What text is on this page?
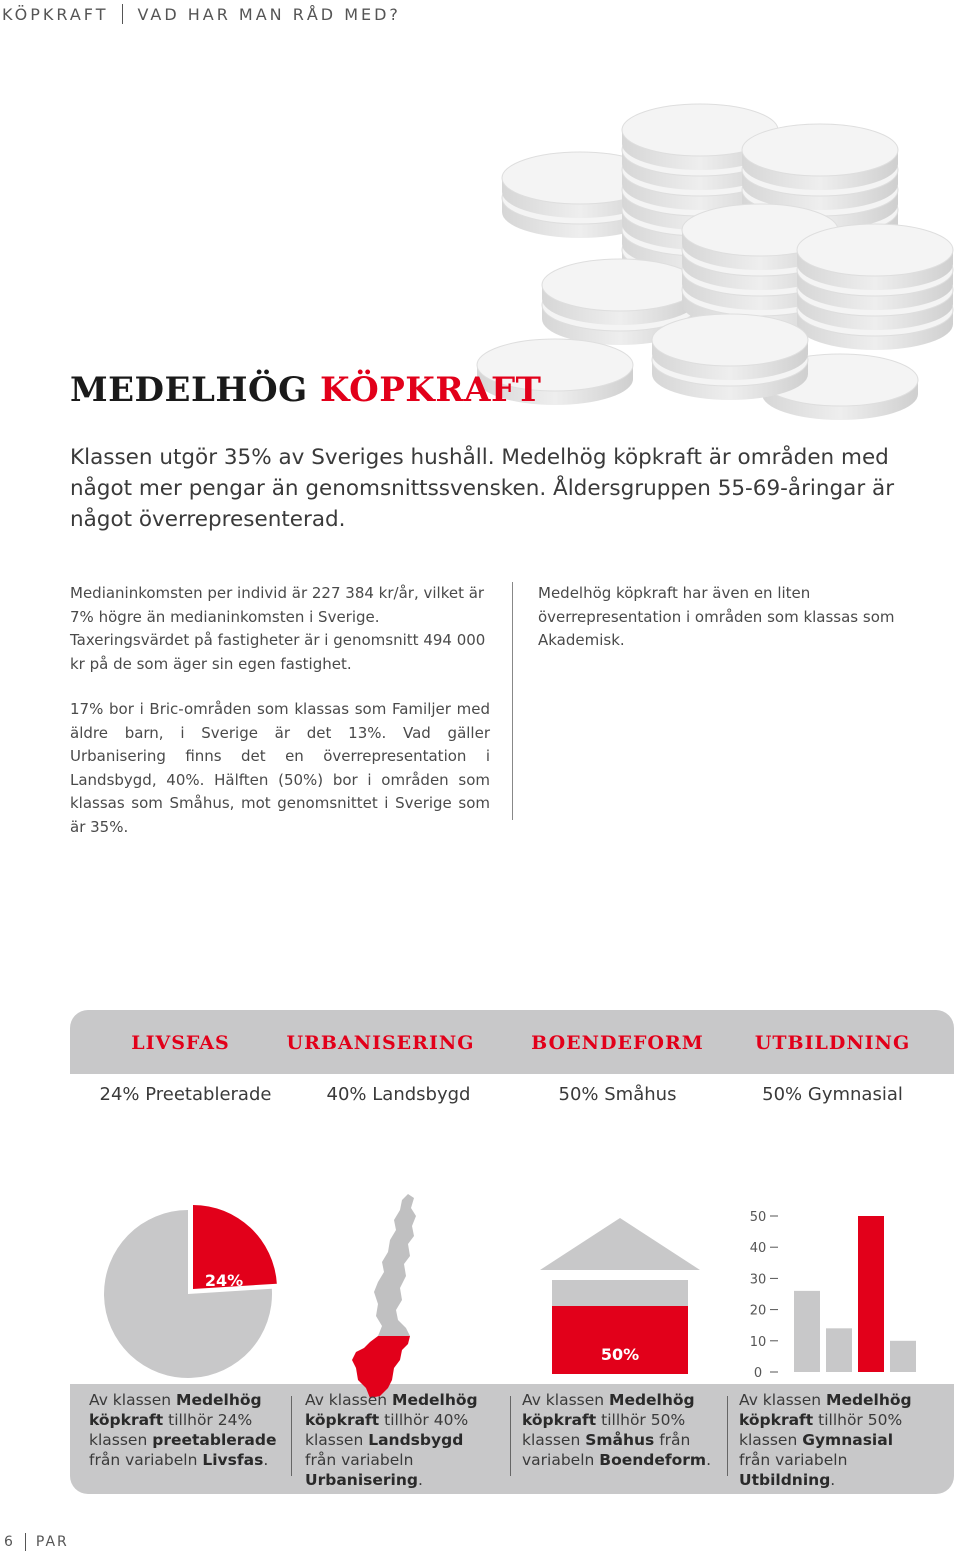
KÖPKRAFT VAD HAR MAN RÅD MED?
MEDELHÖG KÖPKRAFT
Klassen utgör 35% av Sveriges hushåll. Medelhög köpkraft är områden med något mer pengar än genomsnittssvensken. Åldersgruppen 55-69-åringar är något överrepresenterad.
Medianinkomsten per individ är 227 384 kr/år, vilket är 7% högre än medianinkomsten i Sverige. Taxeringsvärdet på fastigheter är i genomsnitt 494 000 kr på de som äger sin egen fastighet.
17% bor i Bric-områden som klassas som Familjer med äldre barn, i Sverige är det 13%. Vad gäller Urbanisering finns det en överrepresentation i Landsbygd, 40%. Hälften (50%) bor i områden som klassas som Småhus, mot genomsnittet i Sverige som är 35%.
Medelhög köpkraft har även en liten överrepresentation i områden som klassas som Akademisk.
LIVSFAS	URBANISERING	BOENDEFORM	UTBILDNING
24% Preetablerade	40% Landsbygd	50% Småhus	50% Gymnasial
24%
50%
0
10
20
30
40
50
Av klassen Medelhög köpkraft tillhör 24% klassen preetablerade från variabeln Livsfas.
Av klassen Medelhög köpkraft tillhör 40% klassen Landsbygd från variabeln Urbanisering.
Av klassen Medelhög köpkraft tillhör 50% klassen Småhus från variabeln Boendeform.
Av klassen Medelhög köpkraft tillhör 50% klassen Gymnasial från variabeln Utbildning.
6 PAR
